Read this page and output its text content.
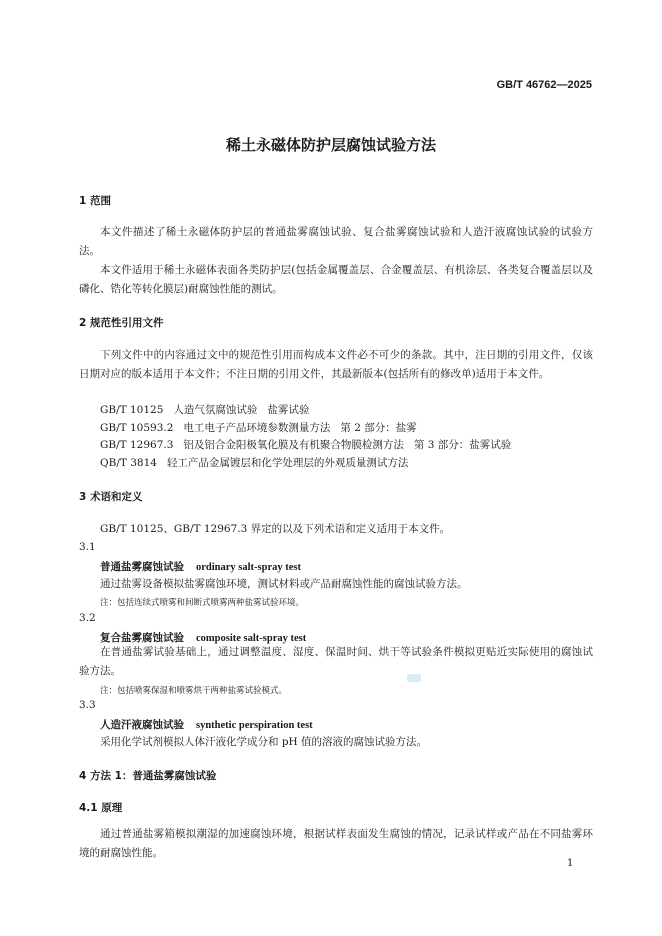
GB/T 46762—2025
稀土永磁体防护层腐蚀试验方法
1 范围
本文件描述了稀土永磁体防护层的普通盐雾腐蚀试验、复合盐雾腐蚀试验和人造汗液腐蚀试验的试验方法。
本文件适用于稀土永磁体表面各类防护层(包括金属覆盖层、合金覆盖层、有机涂层、各类复合覆盖层以及磷化、锆化等转化膜层)耐腐蚀性能的测试。
2 规范性引用文件
下列文件中的内容通过文中的规范性引用而构成本文件必不可少的条款。其中，注日期的引用文件，仅该日期对应的版本适用于本文件；不注日期的引用文件，其最新版本(包括所有的修改单)适用于本文件。
GB/T 10125   人造气氛腐蚀试验   盐雾试验
GB/T 10593.2   电工电子产品环境参数测量方法   第 2 部分：盐雾
GB/T 12967.3   铝及铝合金阳极氧化膜及有机聚合物膜检测方法   第 3 部分：盐雾试验
QB/T 3814   轻工产品金属镀层和化学处理层的外观质量测试方法
3 术语和定义
GB/T 10125、GB/T 12967.3 界定的以及下列术语和定义适用于本文件。
3.1
普通盐雾腐蚀试验 ordinary salt-spray test
通过盐雾设备模拟盐雾腐蚀环境，测试材料或产品耐腐蚀性能的腐蚀试验方法。
注：包括连续式喷雾和间断式喷雾两种盐雾试验环境。
3.2
复合盐雾腐蚀试验 composite salt-spray test
在普通盐雾试验基础上，通过调整温度、湿度、保温时间、烘干等试验条件模拟更贴近实际使用的腐蚀试验方法。
注：包括喷雾保湿和喷雾烘干两种盐雾试验模式。
3.3
人造汗液腐蚀试验 synthetic perspiration test
采用化学试剂模拟人体汗液化学成分和 pH 值的溶液的腐蚀试验方法。
4 方法 1：普通盐雾腐蚀试验
4.1 原理
通过普通盐雾箱模拟潮湿的加速腐蚀环境，根据试样表面发生腐蚀的情况，记录试样或产品在不同盐雾环境的耐腐蚀性能。
1
